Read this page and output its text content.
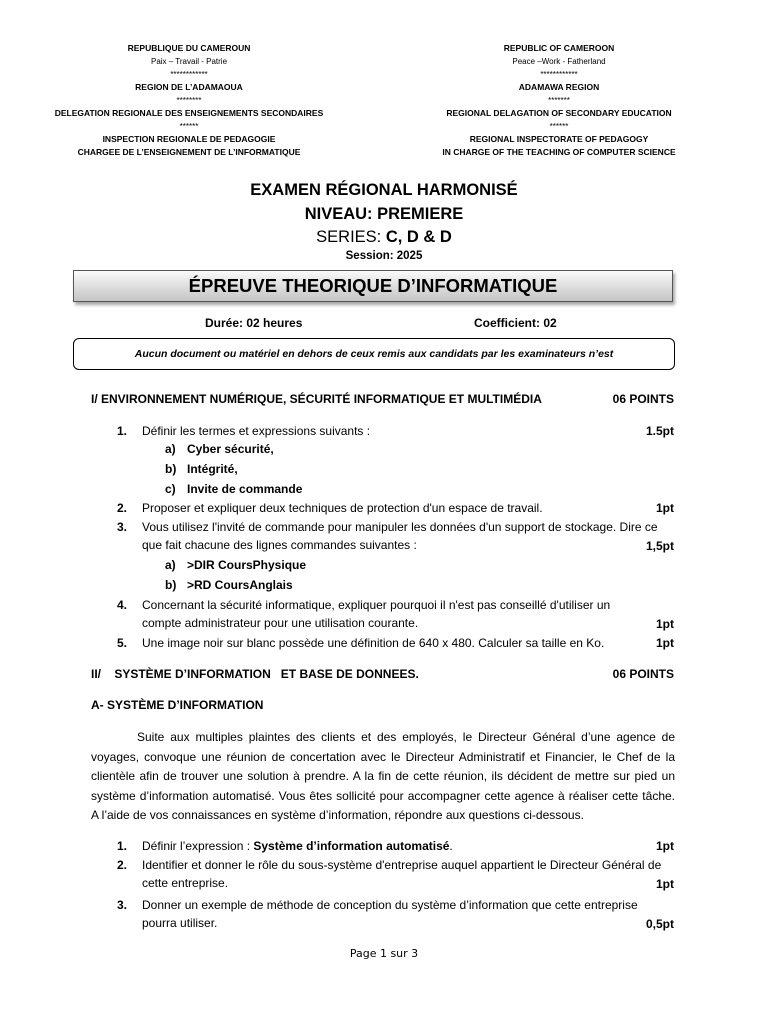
REPUBLIQUE DU CAMEROUN
Paix – Travail - Patrie
************
REGION DE L’ADAMAOUA
********
DELEGATION REGIONALE DES ENSEIGNEMENTS SECONDAIRES
******
INSPECTION REGIONALE DE PEDAGOGIE
CHARGEE DE L’ENSEIGNEMENT DE L’INFORMATIQUE
REPUBLIC OF CAMEROON
Peace –Work - Fatherland
************
ADAMAWA REGION
*******
REGIONAL DELAGATION OF SECONDARY EDUCATION
******
REGIONAL INSPECTORATE OF PEDAGOGY
IN CHARGE OF THE TEACHING OF COMPUTER SCIENCE
EXAMEN RÉGIONAL HARMONISÉ
NIVEAU: PREMIERE
SERIES: C, D & D
Session: 2025
ÉPREUVE THEORIQUE D’INFORMATIQUE
Durée: 02 heures	Coefficient: 02
Aucun document ou matériel en dehors de ceux remis aux candidats par les examinateurs n’est
I/ ENVIRONNEMENT NUMÉRIQUE, SÉCURITÉ INFORMATIQUE ET MULTIMÉDIA	06 POINTS
1. Définir les termes et expressions suivants :	1.5pt
a) Cyber sécurité,
b) Intégrité,
c) Invite de commande
2. Proposer et expliquer deux techniques de protection d'un espace de travail.	1pt
3. Vous utilisez l'invité de commande pour manipuler les données d'un support de stockage. Dire ce que fait chacune des lignes commandes suivantes :	1,5pt
a) >DIR CoursPhysique
b) >RD CoursAnglais
4. Concernant la sécurité informatique, expliquer pourquoi il n'est pas conseillé d'utiliser un compte administrateur pour une utilisation courante.	1pt
5. Une image noir sur blanc possède une définition de 640 x 480. Calculer sa taille en Ko.	1pt
II/    SYSTÈME D’INFORMATION   ET BASE DE DONNEES.	06 POINTS
A- SYSTÈME D’INFORMATION
Suite aux multiples plaintes des clients et des employés, le Directeur Général d’une agence de voyages, convoque une réunion de concertation avec le Directeur Administratif et Financier, le Chef de la clientèle afin de trouver une solution à prendre. A la fin de cette réunion, ils décident de mettre sur pied un système d’information automatisé. Vous êtes sollicité pour accompagner cette agence à réaliser cette tâche. A l’aide de vos connaissances en système d’information, répondre aux questions ci-dessous.
1. Définir l’expression : Système d’information automatisé.	1pt
2. Identifier et donner le rôle du sous-système d'entreprise auquel appartient le Directeur Général de cette entreprise.	1pt
3. Donner un exemple de méthode de conception du système d’information que cette entreprise pourra utiliser.	0,5pt
Page 1 sur 3
